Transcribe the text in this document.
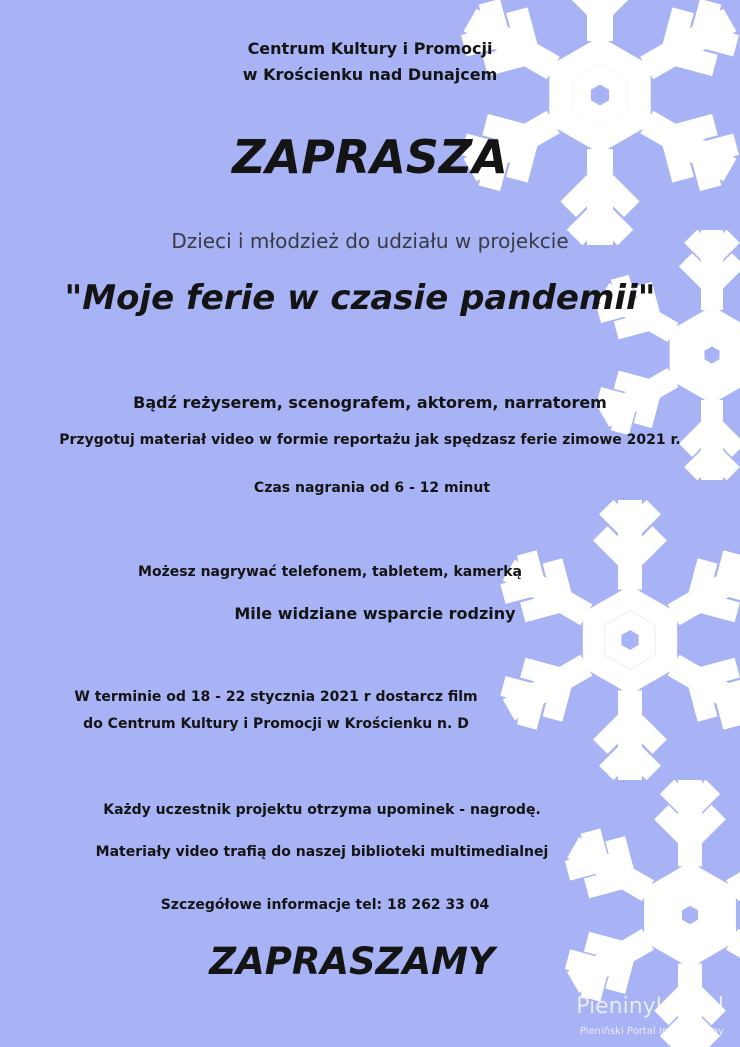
Centrum Kultury i Promocji
w Krościenku nad Dunajcem
ZAPRASZA

Dzieci i młodzież do udziału w projekcie

"Moje ferie w czasie pandemii"

Bądź reżyserem, scenografem, aktorem, narratorem

Przygotuj materiał video w formie reportażu jak spędzasz ferie zimowe 2021 r.

Czas nagrania od 6 - 12 minut

Możesz nagrywać telefonem, tabletem, kamerką

Mile widziane wsparcie rodziny

W terminie od 18 - 22 stycznia 2021 r dostarcz film
do Centrum Kultury i Promocji w Krościenku n. D

Każdy uczestnik projektu otrzyma upominek - nagrodę.

Materiały video trafią do naszej biblioteki multimedialnej

Szczegółowe informacje tel: 18 262 33 04

ZAPRASZAMY
PieninyInfo.pl
Pieniński Portal Informacyjny
